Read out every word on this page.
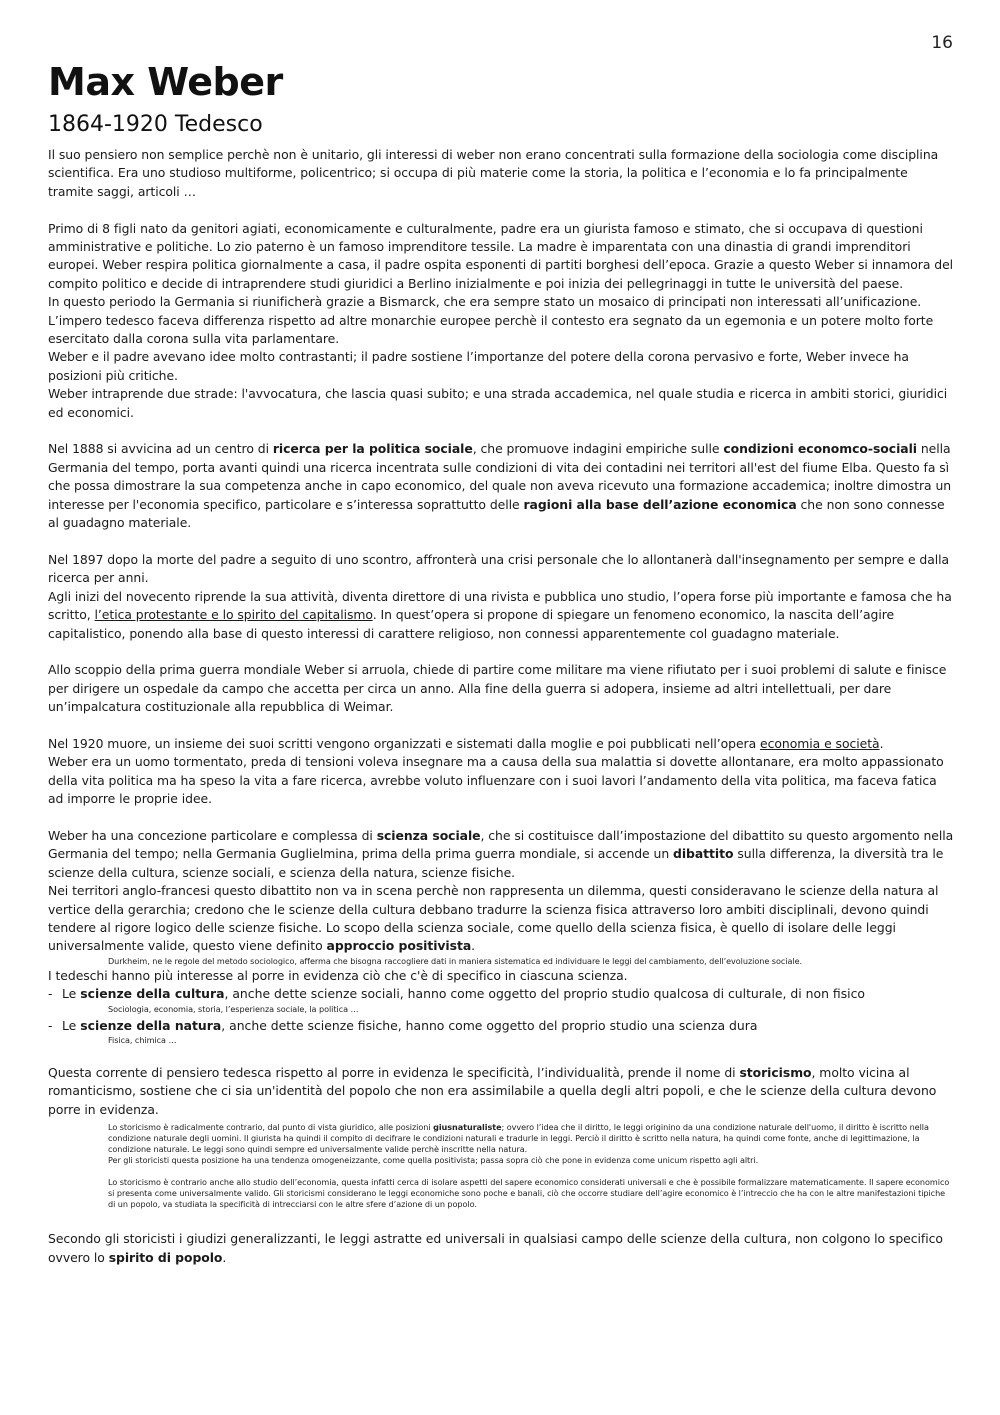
16
Max Weber
1864-1920 Tedesco

Il suo pensiero non semplice perchè non è unitario, gli interessi di weber non erano concentrati sulla formazione della sociologia come disciplina scientifica. Era uno studioso multiforme, policentrico; si occupa di più materie come la storia, la politica e l’economia e lo fa principalmente tramite saggi, articoli …

Primo di 8 figli nato da genitori agiati, economicamente e culturalmente, padre era un giurista famoso e stimato, che si occupava di questioni amministrative e politiche. Lo zio paterno è un famoso imprenditore tessile. La madre è imparentata con una dinastia di grandi imprenditori europei. Weber respira politica giornalmente a casa, il padre ospita esponenti di partiti borghesi dell’epoca. Grazie a questo Weber si innamora del compito politico e decide di intraprendere studi giuridici a Berlino inizialmente e poi inizia dei pellegrinaggi in tutte le università del paese.

In questo periodo la Germania si riunificherà grazie a Bismarck, che era sempre stato un mosaico di principati non interessati all’unificazione.

L’impero tedesco faceva differenza rispetto ad altre monarchie europee perchè il contesto era segnato da un egemonia e un potere molto forte esercitato dalla corona sulla vita parlamentare.

Weber e il padre avevano idee molto contrastanti; il padre sostiene l’importanze del potere della corona pervasivo e forte, Weber invece ha posizioni più critiche.

Weber intraprende due strade: l'avvocatura, che lascia quasi subito; e una strada accademica, nel quale studia e ricerca in ambiti storici, giuridici ed economici.

Nel 1888 si avvicina ad un centro di ricerca per la politica sociale, che promuove indagini empiriche sulle condizioni economco-sociali nella Germania del tempo, porta avanti quindi una ricerca incentrata sulle condizioni di vita dei contadini nei territori all'est del fiume Elba. Questo fa sì che possa dimostrare la sua competenza anche in capo economico, del quale non aveva ricevuto una formazione accademica; inoltre dimostra un interesse per l'economia specifico, particolare e s’interessa soprattutto delle ragioni alla base dell’azione economica che non sono connesse al guadagno materiale.

Nel 1897 dopo la morte del padre a seguito di uno scontro, affronterà una crisi personale che lo allontanerà dall'insegnamento per sempre e dalla ricerca per anni.

Agli inizi del novecento riprende la sua attività, diventa direttore di una rivista e pubblica uno studio, l’opera forse più importante e famosa che ha scritto, l’etica protestante e lo spirito del capitalismo. In quest’opera si propone di spiegare un fenomeno economico, la nascita dell’agire capitalistico, ponendo alla base di questo interessi di carattere religioso, non connessi apparentemente col guadagno materiale.

Allo scoppio della prima guerra mondiale Weber si arruola, chiede di partire come militare ma viene rifiutato per i suoi problemi di salute e finisce per dirigere un ospedale da campo che accetta per circa un anno. Alla fine della guerra si adopera, insieme ad altri intellettuali, per dare un’impalcatura costituzionale alla repubblica di Weimar.

Nel 1920 muore, un insieme dei suoi scritti vengono organizzati e sistemati dalla moglie e poi pubblicati nell’opera economia e società.

Weber era un uomo tormentato, preda di tensioni voleva insegnare ma a causa della sua malattia si dovette allontanare, era molto appassionato della vita politica ma ha speso la vita a fare ricerca, avrebbe voluto influenzare con i suoi lavori l’andamento della vita politica, ma faceva fatica ad imporre le proprie idee.

Weber ha una concezione particolare e complessa di scienza sociale, che si costituisce dall’impostazione del dibattito su questo argomento nella Germania del tempo; nella Germania Guglielmina, prima della prima guerra mondiale, si accende un dibattito sulla differenza, la diversità tra le scienze della cultura, scienze sociali, e scienza della natura, scienze fisiche.

Nei territori anglo-francesi questo dibattito non va in scena perchè non rappresenta un dilemma, questi consideravano le scienze della natura al vertice della gerarchia; credono che le scienze della cultura debbano tradurre la scienza fisica attraverso loro ambiti disciplinali, devono quindi tendere al rigore logico delle scienze fisiche. Lo scopo della scienza sociale, come quello della scienza fisica, è quello di isolare delle leggi universalmente valide, questo viene definito approccio positivista.

Durkheim, ne le regole del metodo sociologico, afferma che bisogna raccogliere dati in maniera sistematica ed individuare le leggi del cambiamento, dell’evoluzione sociale.

I tedeschi hanno più interesse al porre in evidenza ciò che c'è di specifico in ciascuna scienza.

- Le scienze della cultura, anche dette scienze sociali, hanno come oggetto del proprio studio qualcosa di culturale, di non fisico

Sociologia, economia, storia, l’esperienza sociale, la politica …

- Le scienze della natura, anche dette scienze fisiche, hanno come oggetto del proprio studio una scienza dura

Fisica, chimica …

Questa corrente di pensiero tedesca rispetto al porre in evidenza le specificità, l’individualità, prende il nome di storicismo, molto vicina al romanticismo, sostiene che ci sia un'identità del popolo che non era assimilabile a quella degli altri popoli, e che le scienze della cultura devono porre in evidenza.

Lo storicismo è radicalmente contrario, dal punto di vista giuridico, alle posizioni giusnaturaliste; ovvero l’idea che il diritto, le leggi originino da una condizione naturale dell'uomo, il diritto è iscritto nella condizione naturale degli uomini. Il giurista ha quindi il compito di decifrare le condizioni naturali e tradurle in leggi. Perciò il diritto è scritto nella natura, ha quindi come fonte, anche di legittimazione, la condizione naturale. Le leggi sono quindi sempre ed universalmente valide perchè inscritte nella natura.

Per gli storicisti questa posizione ha una tendenza omogeneizzante, come quella positivista; passa sopra ciò che pone in evidenza come unicum rispetto agli altri.

Lo storicismo è contrario anche allo studio dell’economia, questa infatti cerca di isolare aspetti del sapere economico considerati universali e che è possibile formalizzare matematicamente. Il sapere economico si presenta come universalmente valido. Gli storicismi considerano le leggi economiche sono poche e banali, ciò che occorre studiare dell’agire economico è l’intreccio che ha con le altre manifestazioni tipiche di un popolo, va studiata la specificità di intrecciarsi con le altre sfere d’azione di un popolo.

Secondo gli storicisti i giudizi generalizzanti, le leggi astratte ed universali in qualsiasi campo delle scienze della cultura, non colgono lo specifico ovvero lo spirito di popolo.
